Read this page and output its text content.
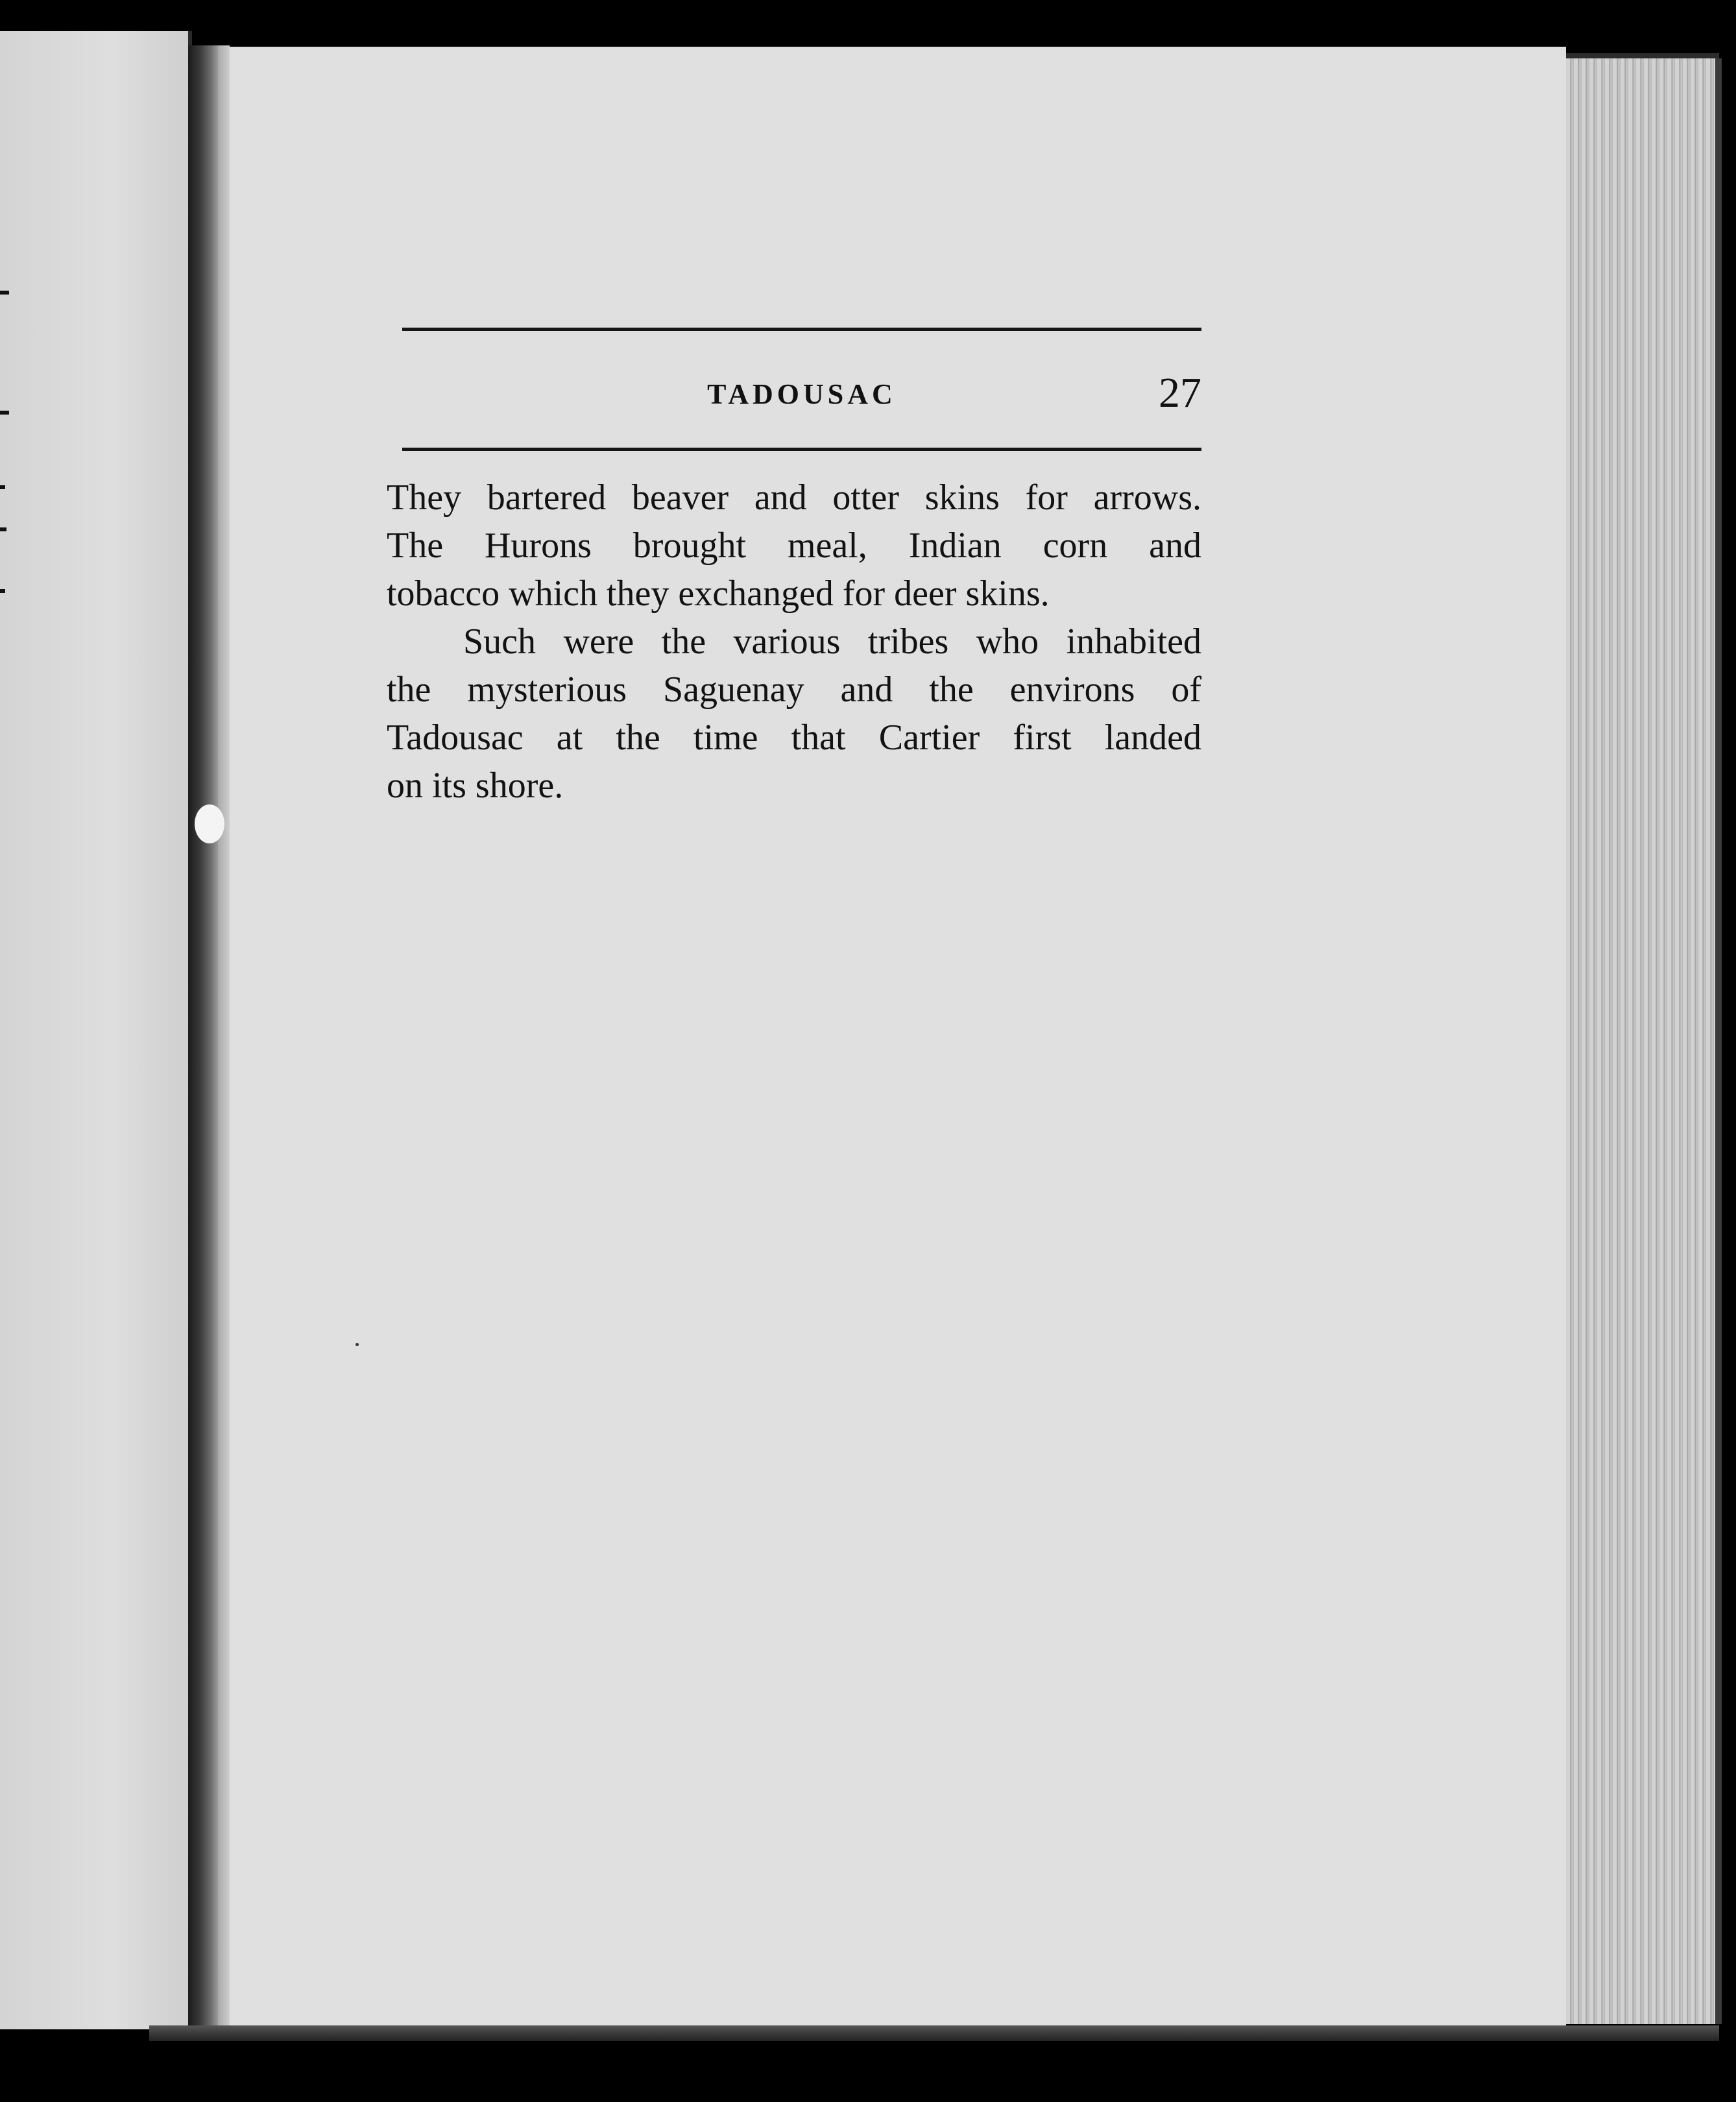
TADOUSAC	27
They bartered beaver and otter skins for arrows.
The Hurons brought meal, Indian corn and
tobacco which they exchanged for deer skins.
Such were the various tribes who inhabited
the mysterious Saguenay and the environs of
Tadousac at the time that Cartier first landed
on its shore.
